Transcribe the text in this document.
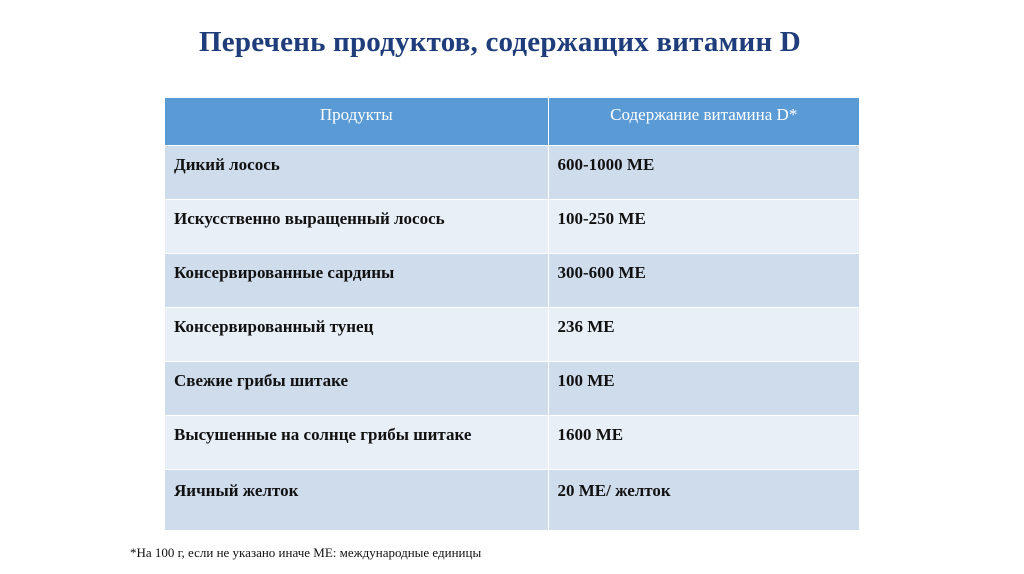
Перечень продуктов, содержащих витамин D
Продукты	Содержание витамина D*
Дикий лосось	600-1000 МЕ
Искусственно выращенный лосось	100-250 МЕ
Консервированные сардины	300-600 МЕ
Консервированный тунец	236 МЕ
Свежие грибы шитаке	100 МЕ
Высушенные на солнце грибы шитаке	1600 МЕ
Яичный желток	20 МЕ/ желток
*На 100 г, если не указано иначе МЕ: международные единицы
